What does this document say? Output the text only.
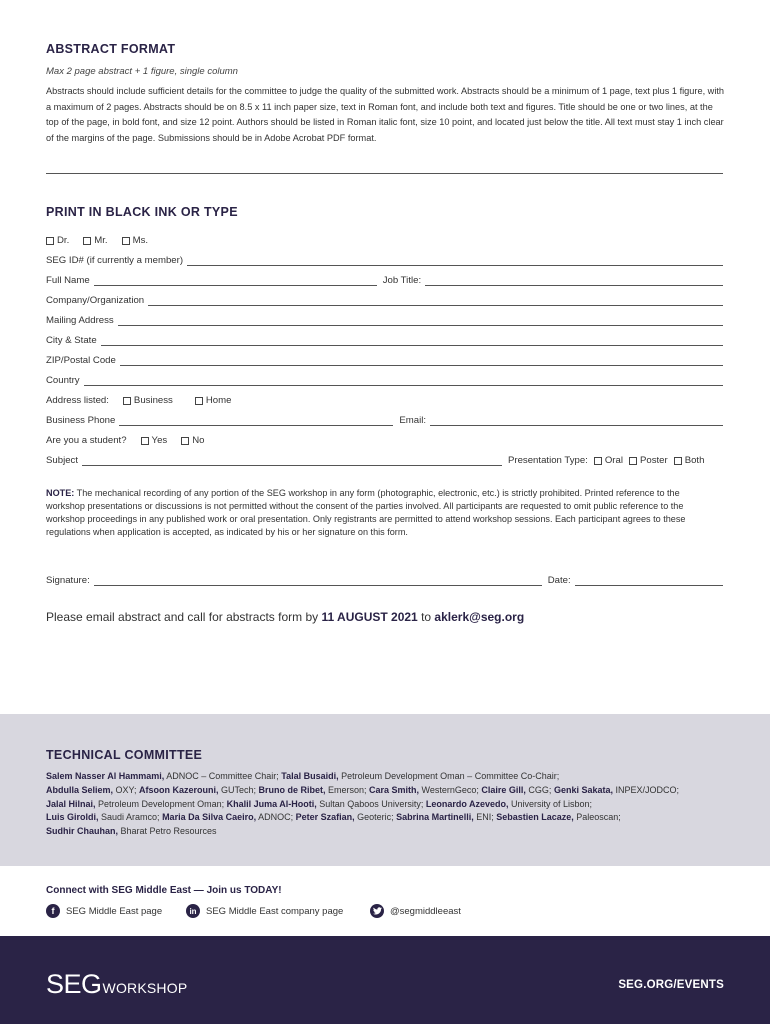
ABSTRACT FORMAT
Max 2 page abstract + 1 figure, single column
Abstracts should include sufficient details for the committee to judge the quality of the submitted work. Abstracts should be a minimum of 1 page, text plus 1 figure, with a maximum of 2 pages. Abstracts should be on 8.5 x 11 inch paper size, text in Roman font, and include both text and figures. Title should be one or two lines, at the top of the page, in bold font, and size 12 point. Authors should be listed in Roman italic font, size 10 point, and located just below the title. All text must stay 1 inch clear of the margins of the page. Submissions should be in Adobe Acrobat PDF format.
PRINT IN BLACK INK OR TYPE
Dr.	Mr.	Ms.
SEG ID# (if currently a member)
Full Name	Job Title:
Company/Organization
Mailing Address
City & State
ZIP/Postal Code
Country
Address listed:	Business	Home
Business Phone	Email:
Are you a student?	Yes	No
Subject	Presentation Type:	Oral Poster Both
NOTE: The mechanical recording of any portion of the SEG workshop in any form (photographic, electronic, etc.) is strictly prohibited. Printed reference to the workshop presentations or discussions is not permitted without the consent of the parties involved. All participants are requested to omit public reference to the workshop proceedings in any published work or oral presentation. Only registrants are permitted to attend workshop sessions. Each participant agrees to these regulations when application is accepted, as indicated by his or her signature on this form.
Signature:	Date:
Please email abstract and call for abstracts form by 11 AUGUST 2021 to aklerk@seg.org
TECHNICAL COMMITTEE
Salem Nasser Al Hammami, ADNOC – Committee Chair; Talal Busaidi, Petroleum Development Oman – Committee Co-Chair;
Abdulla Seliem, OXY; Afsoon Kazerouni, GUTech; Bruno de Ribet, Emerson; Cara Smith, WesternGeco; Claire Gill, CGG; Genki Sakata, INPEX/JODCO;
Jalal Hilnai, Petroleum Development Oman; Khalil Juma Al-Hooti, Sultan Qaboos University; Leonardo Azevedo, University of Lisbon;
Luis Giroldi, Saudi Aramco; Maria Da Silva Caeiro, ADNOC; Peter Szafian, Geoteric; Sabrina Martinelli, ENI; Sebastien Lacaze, Paleoscan;
Sudhir Chauhan, Bharat Petro Resources
Connect with SEG Middle East — Join us TODAY!
f	SEG Middle East page	in SEG Middle East company page	@segmiddleeast
SEG WORKSHOP	SEG.ORG/EVENTS
